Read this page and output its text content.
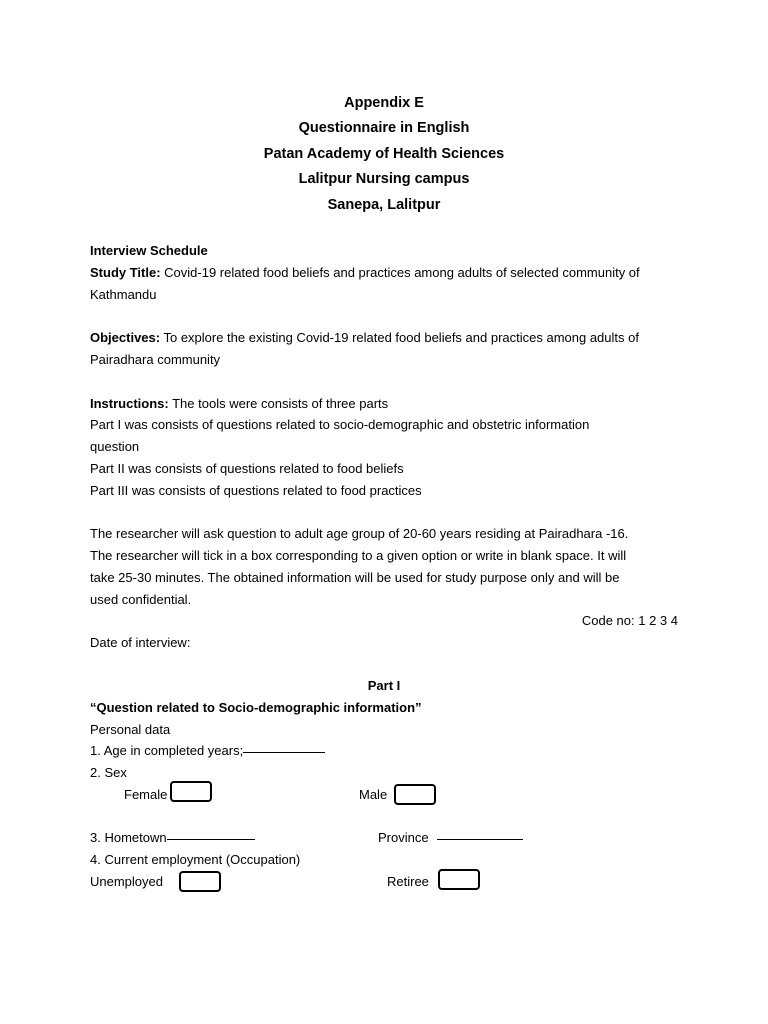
Appendix E
Questionnaire in English
Patan Academy of Health Sciences
Lalitpur Nursing campus
Sanepa, Lalitpur
Interview Schedule
Study Title: Covid-19 related food beliefs and practices among adults of selected community of
Kathmandu
Objectives: To explore the existing Covid-19 related food beliefs and practices among adults of
Pairadhara community
Instructions: The tools were consists of three parts
Part I was consists of questions related to socio-demographic and obstetric information
question
Part II was consists of questions related to food beliefs
Part III was consists of questions related to food practices
The researcher will ask question to adult age group of 20-60 years residing at Pairadhara -16.
The researcher will tick in a box corresponding to a given option or write in blank space. It will
take 25-30 minutes. The obtained information will be used for study purpose only and will be
used confidential.
Code no: 1 2 3 4
Date of interview:
Part I
“Question related to Socio-demographic information”
Personal data
1. Age in completed years;
2. Sex
Female	Male
3. Hometown	Province
4. Current employment (Occupation)
Unemployed	Retiree
